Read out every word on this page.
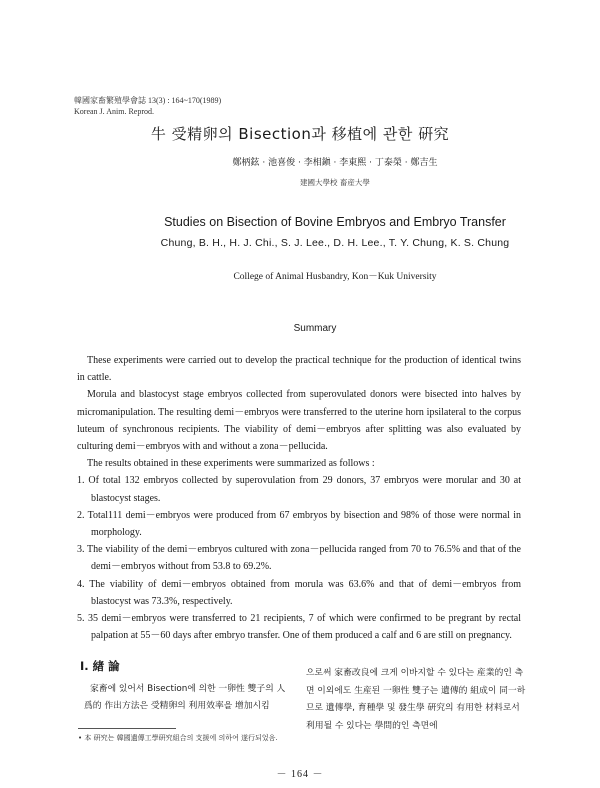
韓國家畜繁殖學會誌 13(3) : 164~170(1989)
Korean J. Anim. Reprod.
牛 受精卵의 Bisection과 移植에 관한 硏究
鄭柄鉉 · 池喜俊 · 李相鎭 · 李東熙 · 丁泰榮 · 鄭吉生
建國大學校 畜産大學
Studies on Bisection of Bovine Embryos and Embryo Transfer
Chung, B. H., H. J. Chi., S. J. Lee., D. H. Lee., T. Y. Chung, K. S. Chung
College of Animal Husbandry, Kon－Kuk University
Summary

These experiments were carried out to develop the practical technique for the production of identical twins in cattle.

Morula and blastocyst stage embryos collected from superovulated donors were bisected into halves by micromanipulation. The resulting demi－embryos were transferred to the uterine horn ipsilateral to the corpus luteum of synchronous recipients. The viability of demi－embryos after splitting was also evaluated by culturing demi－embryos with and without a zona－pellucida.

The results obtained in these experiments were summarized as follows :

1. Of total 132 embryos collected by superovulation from 29 donors, 37 embryos were morular and 30 at blastocyst stages.
2. Total111 demi－embryos were produced from 67 embryos by bisection and 98% of those were normal in morphology.
3. The viability of the demi－embryos cultured with zona－pellucida ranged from 70 to 76.5% and that of the demi－embryos without from 53.8 to 69.2%.
4. The viability of demi－embryos obtained from morula was 63.6% and that of demi－embryos from blastocyst was 73.3%, respectively.
5. 35 demi－embryos were transferred to 21 recipients, 7 of which were confirmed to be pregrant by rectal palpation at 55－60 days after embryo transfer. One of them produced a calf and 6 are still on pregnancy.
Ⅰ. 緖 論

家畜에 있어서 Bisection에 의한 一卵性 雙子의 人爲的 作出方法은 受精卵의 利用效率을 增加시킴

으로써 家畜改良에 크게 이바지할 수 있다는 産業的인 측면 이외에도 生産된 一卵性 雙子는 遺傳的 組成이 同一하므로 遺傳學, 育種學 및 發生學 硏究의 有用한 材料로서 利用될 수 있다는 學問的인 측면에

• 本 硏究는 韓國遺傳工學硏究組合의 支援에 의하여 遂行되었음.
－ 164 －
